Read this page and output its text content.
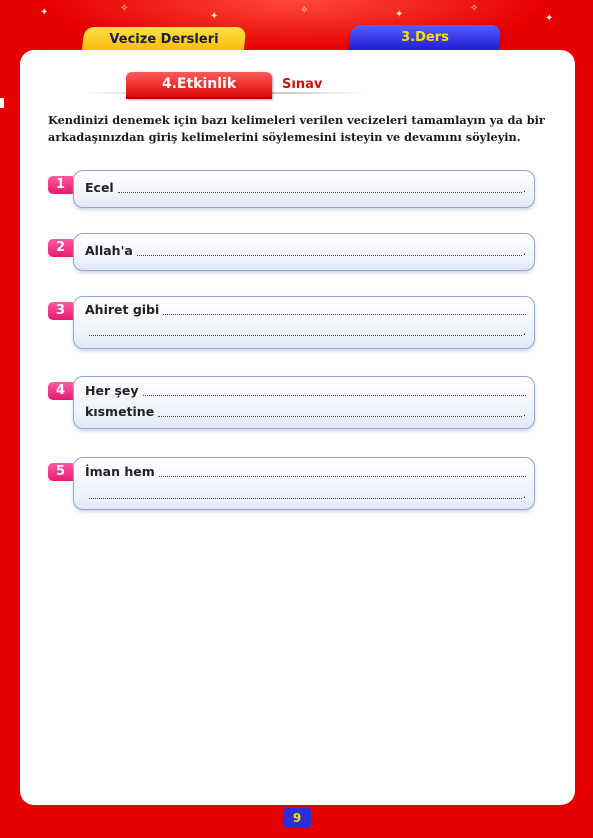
✦	✧
✦
✧	✦
✧
✦
Vecize Dersleri	3.Ders
4.Etkinlik	Sınav
Kendinizi denemek için bazı kelimeleri verilen vecizeleri tamamlayın ya da bir arkadaşınızdan giriş kelimelerini söylemesini isteyin ve devamını söyleyin.
1	Ecel	.
2	Allah'a	.
3	Ahiret gibi
.
4	Her şey
kısmetine	.
5	İman hem
.
9
